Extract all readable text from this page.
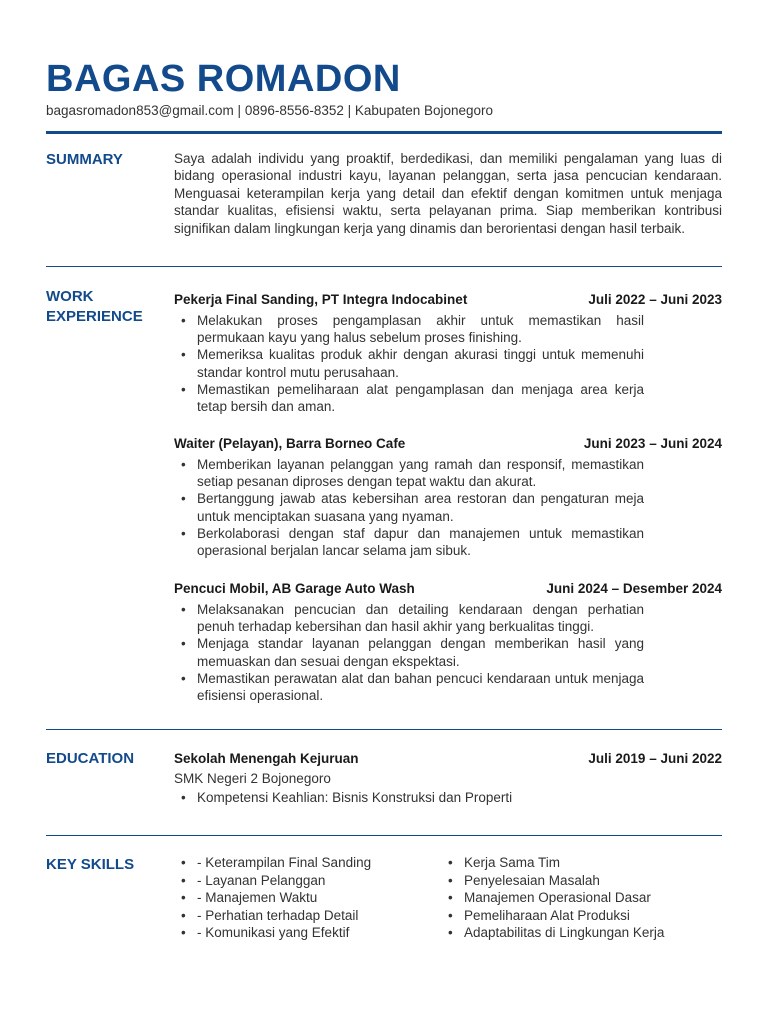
BAGAS ROMADON
bagasromadon853@gmail.com | 0896-8556-8352 | Kabupaten Bojonegoro
SUMMARY	Saya adalah individu yang proaktif, berdedikasi, dan memiliki pengalaman yang luas di bidang operasional industri kayu, layanan pelanggan, serta jasa pencucian kendaraan. Menguasai keterampilan kerja yang detail dan efektif dengan komitmen untuk menjaga standar kualitas, efisiensi waktu, serta pelayanan prima. Siap memberikan kontribusi signifikan dalam lingkungan kerja yang dinamis dan berorientasi dengan hasil terbaik.
WORK
EXPERIENCE
Pekerja Final Sanding, PT Integra Indocabinet	Juli 2022 – Juni 2023
• Melakukan proses pengamplasan akhir untuk memastikan hasil permukaan kayu yang halus sebelum proses finishing.
• Memeriksa kualitas produk akhir dengan akurasi tinggi untuk memenuhi standar kontrol mutu perusahaan.
• Memastikan pemeliharaan alat pengamplasan dan menjaga area kerja tetap bersih dan aman.
Waiter (Pelayan), Barra Borneo Cafe	Juni 2023 – Juni 2024
• Memberikan layanan pelanggan yang ramah dan responsif, memastikan setiap pesanan diproses dengan tepat waktu dan akurat.
• Bertanggung jawab atas kebersihan area restoran dan pengaturan meja untuk menciptakan suasana yang nyaman.
• Berkolaborasi dengan staf dapur dan manajemen untuk memastikan operasional berjalan lancar selama jam sibuk.
Pencuci Mobil, AB Garage Auto Wash	Juni 2024 – Desember 2024
• Melaksanakan pencucian dan detailing kendaraan dengan perhatian penuh terhadap kebersihan dan hasil akhir yang berkualitas tinggi.
• Menjaga standar layanan pelanggan dengan memberikan hasil yang memuaskan dan sesuai dengan ekspektasi.
• Memastikan perawatan alat dan bahan pencuci kendaraan untuk menjaga efisiensi operasional.
EDUCATION	Sekolah Menengah Kejuruan	Juli 2019 – Juni 2022
SMK Negeri 2 Bojonegoro
• Kompetensi Keahlian: Bisnis Konstruksi dan Properti
KEY SKILLS
•	- Keterampilan Final Sanding
• - Layanan Pelanggan
• - Manajemen Waktu
• - Perhatian terhadap Detail
• - Komunikasi yang Efektif
• Kerja Sama Tim
• Penyelesaian Masalah
• Manajemen Operasional Dasar
• Pemeliharaan Alat Produksi
• Adaptabilitas di Lingkungan Kerja
